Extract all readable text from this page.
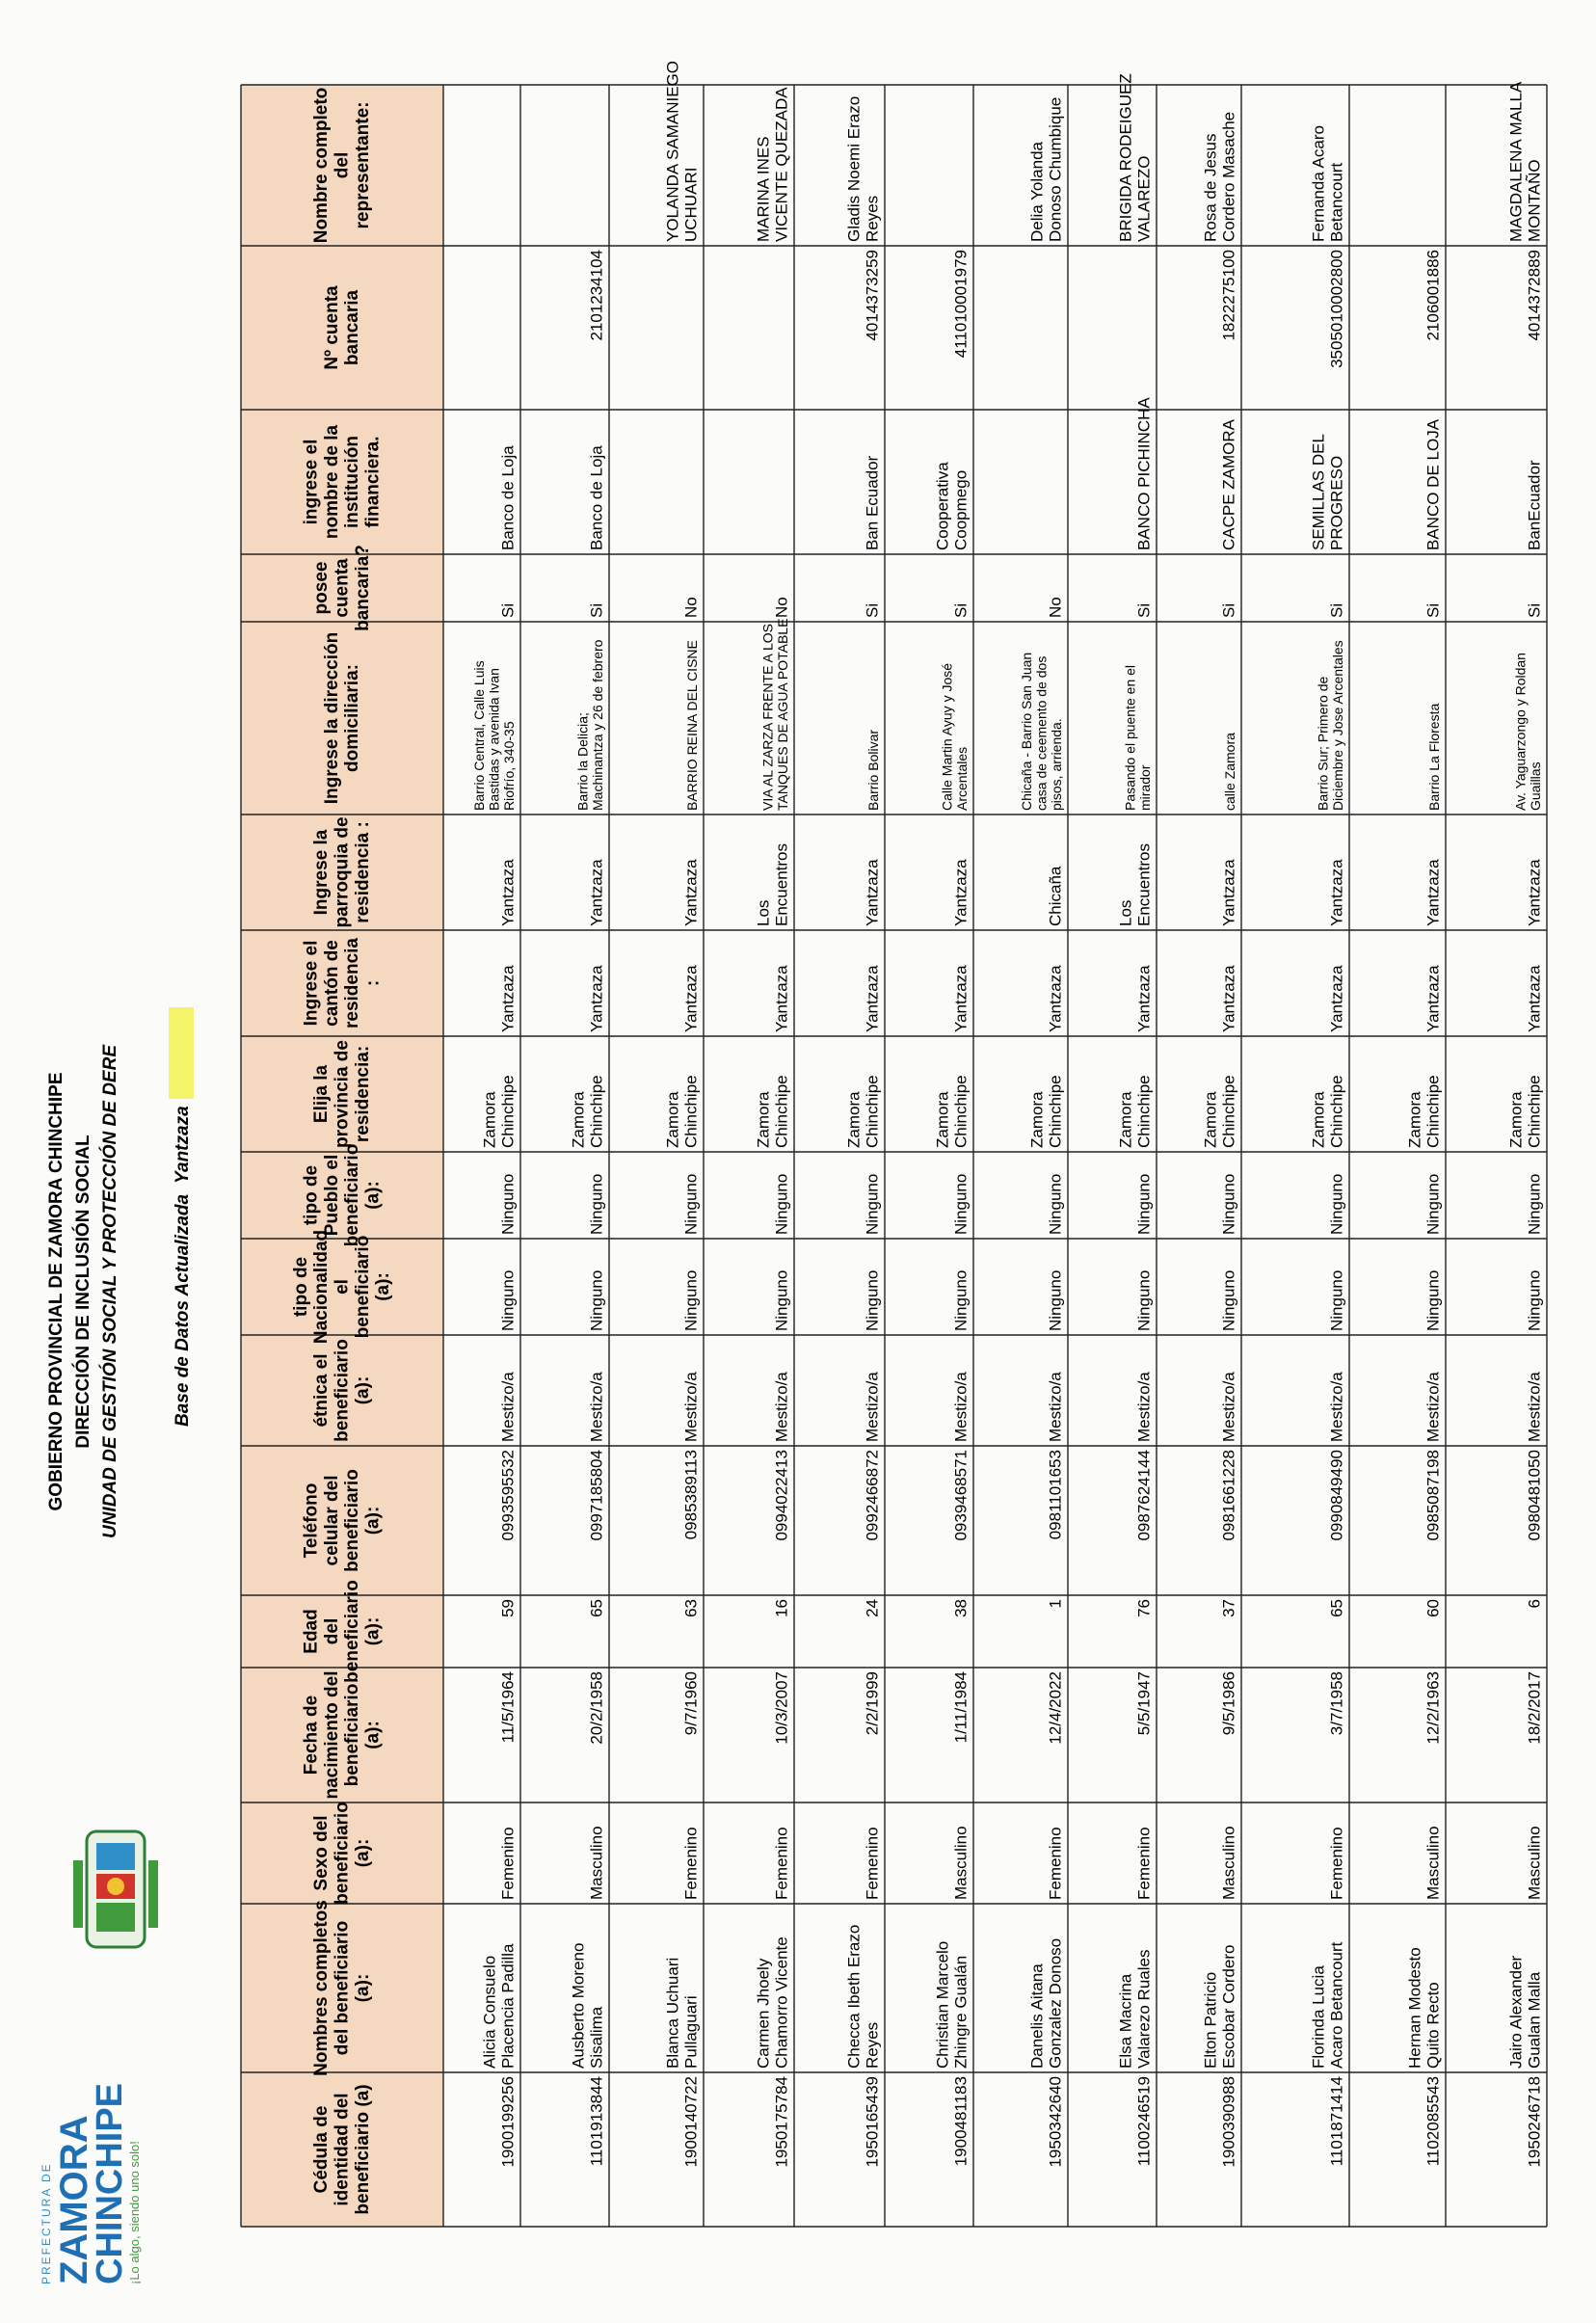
PREFECTURA DE ZAMORA
CHINCHIPE
¡Lo algo, siendo uno solo!
GOBIERNO PROVINCIAL DE ZAMORA CHINCHIPE DIRECCIÓN DE INCLUSIÓN SOCIAL UNIDAD DE GESTIÓN SOCIAL Y PROTECCIÓN DE DERE	Base de Datos Actualizada Yantzaza
Cédula deidentidad delbeneficiario (a)
Nombres completosdel beneficiario(a):
Sexo delbeneficiario(a):
Fecha denacimiento delbeneficiario(a):
Edaddelbeneficiario(a):
Teléfonocelular delbeneficiario(a):
étnica elbeneficiario(a):
tipo deNacionalidadelbeneficiario(a):
tipo dePueblo elbeneficiario(a):
Elija laprovincia deresidencia:
Ingrese elcantón deresidencia:
Ingrese laparroquia deresidencia :
Ingrese la direccióndomiciliaria:
poseecuentabancaria?
ingrese elnombre de lainstituciónfinanciera.
Nº cuentabancaria
Nombre completodelrepresentante:
1900199256
Alicia ConsueloPlacencia Padilla
Femenino
11/5/1964
59
0993595532
Mestizo/a
Ninguno
Ninguno
ZamoraChinchipe
Yantzaza
Yantzaza
Barrio Central, Calle LuisBastidas y avenida IvanRiofrío, 340-35
Si
Banco de Loja
1101913844
Ausberto MorenoSisalima
Masculino
20/2/1958
65
0997185804
Mestizo/a
Ninguno
Ninguno
ZamoraChinchipe
Yantzaza
Yantzaza
Barrio la Delicia;Machinantza y 26 de febrero
Si
Banco de Loja
2101234104
1900140722
Blanca UchuariPullaguari
Femenino
9/7/1960
63
0985389113
Mestizo/a
Ninguno
Ninguno
ZamoraChinchipe
Yantzaza
Yantzaza
BARRIO REINA DEL CISNE
No
YOLANDA SAMANIEGOUCHUARI
1950175784
Carmen JhoelyChamorro Vicente
Femenino
10/3/2007
16
0994022413
Mestizo/a
Ninguno
Ninguno
ZamoraChinchipe
Yantzaza
LosEncuentros
VIA AL ZARZA FRENTE A LOSTANQUES DE AGUA POTABLE
No
MARINA INESVICENTE QUEZADA
1950165439
Checca Ibeth ErazoReyes
Femenino
2/2/1999
24
0992466872
Mestizo/a
Ninguno
Ninguno
ZamoraChinchipe
Yantzaza
Yantzaza
Barrio Bolivar
Si
Ban Ecuador
4014373259
Gladis Noemi ErazoReyes
1900481183
Christian MarceloZhingre Gualán
Masculino
1/11/1984
38
0939468571
Mestizo/a
Ninguno
Ninguno
ZamoraChinchipe
Yantzaza
Yantzaza
Calle Martin Ayuy y JoséArcentales
Si
CooperativaCoopmego
411010001979
1950342640
Danelis AitanaGonzalez Donoso
Femenino
12/4/2022
1
0981101653
Mestizo/a
Ninguno
Ninguno
ZamoraChinchipe
Yantzaza
Chicaña
Chicaña - Barrio San Juancasa de ceemento de dospisos, arrienda.
No
Delia YolandaDonoso Chumbique
1100246519
Elsa MacrinaValarezo Ruales
Femenino
5/5/1947
76
0987624144
Mestizo/a
Ninguno
Ninguno
ZamoraChinchipe
Yantzaza
LosEncuentros
Pasando el puente en elmirador
Si
BANCO PICHINCHA
BRIGIDA RODEIGUEZVALAREZO
1900390988
Elton PatricioEscobar Cordero
Masculino
9/5/1986
37
0981661228
Mestizo/a
Ninguno
Ninguno
ZamoraChinchipe
Yantzaza
Yantzaza
calle Zamora
Si
CACPE ZAMORA
1822275100
Rosa de JesusCordero Masache
1101871414
Florinda LuciaAcaro Betancourt
Femenino
3/7/1958
65
0990849490
Mestizo/a
Ninguno
Ninguno
ZamoraChinchipe
Yantzaza
Yantzaza
Barrio Sur; Primero deDiciembre y Jose Arcentales
Si
SEMILLAS DELPROGRESO
3505010002800
Fernanda AcaroBetancourt
1102085543
Hernan ModestoQuito Recto
Masculino
12/2/1963
60
0985087198
Mestizo/a
Ninguno
Ninguno
ZamoraChinchipe
Yantzaza
Yantzaza
Barrio La Floresta
Si
BANCO DE LOJA
2106001886
1950246718
Jairo AlexanderGualan Malla
Masculino
18/2/2017
6
0980481050
Mestizo/a
Ninguno
Ninguno
ZamoraChinchipe
Yantzaza
Yantzaza
Av. Yaguarzongo y RoldanGuaillas
Si
BanEcuador
4014372889
MAGDALENA MALLAMONTAÑO
